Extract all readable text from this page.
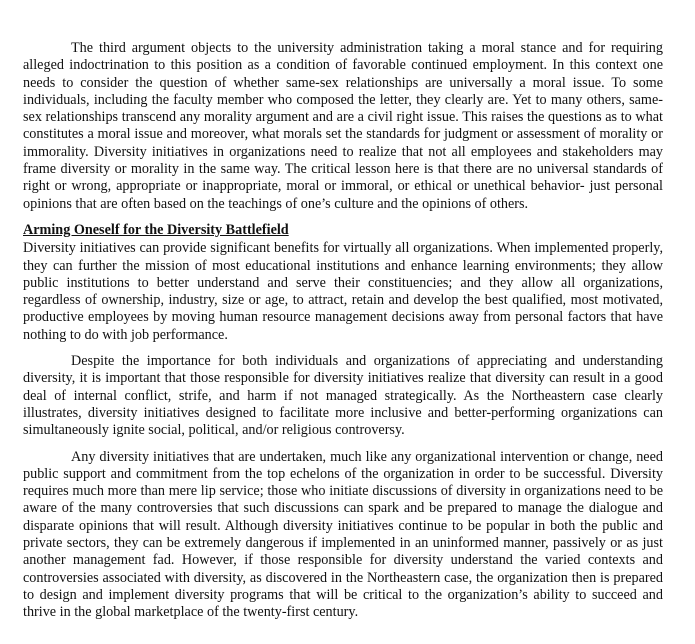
The third argument objects to the university administration taking a moral stance and for requiring alleged indoctrination to this position as a condition of favorable continued employment. In this context one needs to consider the question of whether same-sex relationships are universally a moral issue. To some individuals, including the faculty member who composed the letter, they clearly are. Yet to many others, same-sex relationships transcend any morality argument and are a civil right issue. This raises the questions as to what constitutes a moral issue and moreover, what morals set the standards for judgment or assessment of morality or immorality. Diversity initiatives in organizations need to realize that not all employees and stakeholders may frame diversity or morality in the same way. The critical lesson here is that there are no universal standards of right or wrong, appropriate or inappropriate, moral or immoral, or ethical or unethical behavior- just personal opinions that are often based on the teachings of one’s culture and the opinions of others.

Arming Oneself for the Diversity Battlefield

Diversity initiatives can provide significant benefits for virtually all organizations. When implemented properly, they can further the mission of most educational institutions and enhance learning environments; they allow public institutions to better understand and serve their constituencies; and they allow all organizations, regardless of ownership, industry, size or age, to attract, retain and develop the best qualified, most motivated, productive employees by moving human resource management decisions away from personal factors that have nothing to do with job performance.

Despite the importance for both individuals and organizations of appreciating and understanding diversity, it is important that those responsible for diversity initiatives realize that diversity can result in a good deal of internal conflict, strife, and harm if not managed strategically. As the Northeastern case clearly illustrates, diversity initiatives designed to facilitate more inclusive and better-performing organizations can simultaneously ignite social, political, and/or religious controversy.

Any diversity initiatives that are undertaken, much like any organizational intervention or change, need public support and commitment from the top echelons of the organization in order to be successful. Diversity requires much more than mere lip service; those who initiate discussions of diversity in organizations need to be aware of the many controversies that such discussions can spark and be prepared to manage the dialogue and disparate opinions that will result. Although diversity initiatives continue to be popular in both the public and private sectors, they can be extremely dangerous if implemented in an uninformed manner, passively or as just another management fad. However, if those responsible for diversity understand the varied contexts and controversies associated with diversity, as discovered in the Northeastern case, the organization then is prepared to design and implement diversity programs that will be critical to the organization’s ability to succeed and thrive in the global marketplace of the twenty-first century.
